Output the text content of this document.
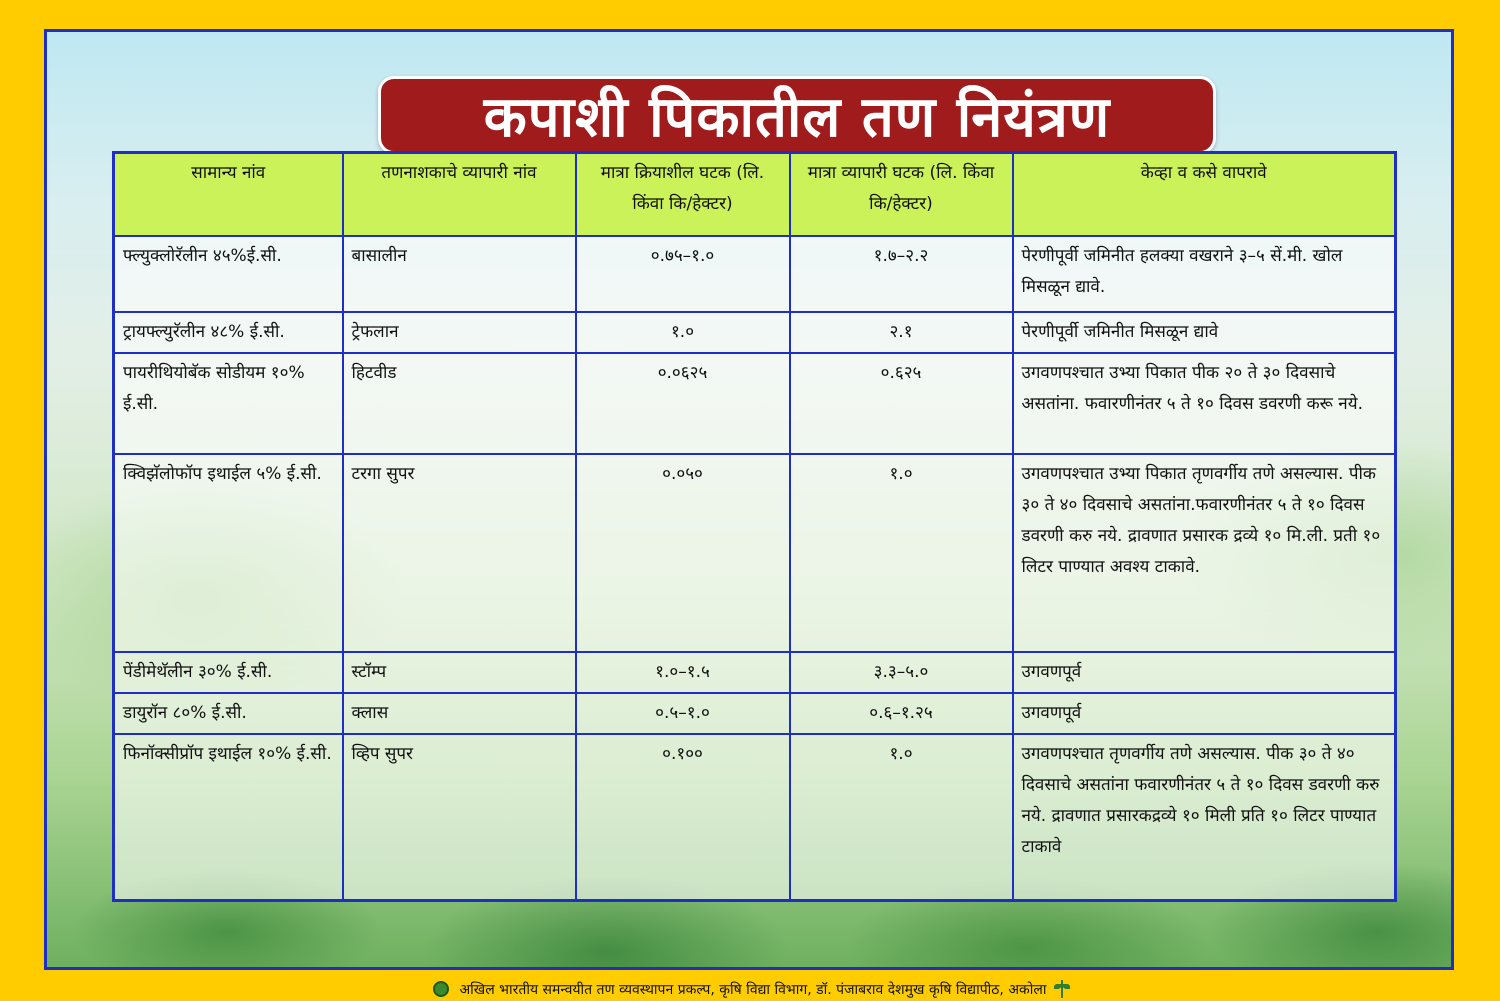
कपाशी पिकातील तण नियंत्रण
सामान्य नांव	तणनाशकाचे व्यापारी नांव	मात्रा क्रियाशील घटक (लि. किंवा कि/हेक्टर)	मात्रा व्यापारी घटक (लि. किंवा कि/हेक्टर)	केव्हा व कसे वापरावे
फ्ल्युक्लोरॅलीन ४५%ई.सी.	बासालीन	०.७५–१.०	१.७–२.२	पेरणीपूर्वी जमिनीत हलक्या वखराने ३–५ सें.मी. खोल मिसळून द्यावे.
ट्रायफ्ल्युरॅलीन ४८% ई.सी.	ट्रेफलान	१.०	२.१	पेरणीपूर्वी जमिनीत मिसळून द्यावे
पायरीथियोबॅक सोडीयम १०% ई.सी.	हिटवीड	०.०६२५	०.६२५	उगवणपश्चात उभ्या पिकात पीक २० ते ३० दिवसाचे असतांना. फवारणीनंतर ५ ते १० दिवस डवरणी करू नये.
क्विझॅलोफॉप इथाईल ५% ई.सी.	टरगा सुपर	०.०५०	१.०	उगवणपश्चात उभ्या पिकात तृणवर्गीय तणे असल्यास. पीक ३० ते ४० दिवसाचे असतांना.फवारणीनंतर ५ ते १० दिवस डवरणी करु नये. द्रावणात प्रसारक द्रव्ये १० मि.ली. प्रती १० लिटर पाण्यात अवश्य टाकावे.
पेंडीमेथॅलीन ३०% ई.सी.	स्टॉम्प	१.०–१.५	३.३–५.०	उगवणपूर्व
डायुरॉन ८०% ई.सी.	क्लास	०.५–१.०	०.६–१.२५	उगवणपूर्व
फिनॉक्सीप्रॉप इथाईल १०% ई.सी.	व्हिप सुपर	०.१००	१.०	उगवणपश्चात तृणवर्गीय तणे असल्यास. पीक ३० ते ४० दिवसाचे असतांना फवारणीनंतर ५ ते १० दिवस डवरणी करु नये. द्रावणात प्रसारकद्रव्ये १० मिली प्रति १० लिटर पाण्यात टाकावे
अखिल भारतीय समन्वयीत तण व्यवस्थापन प्रकल्प, कृषि विद्या विभाग, डॉ. पंजाबराव देशमुख कृषि विद्यापीठ, अकोला
